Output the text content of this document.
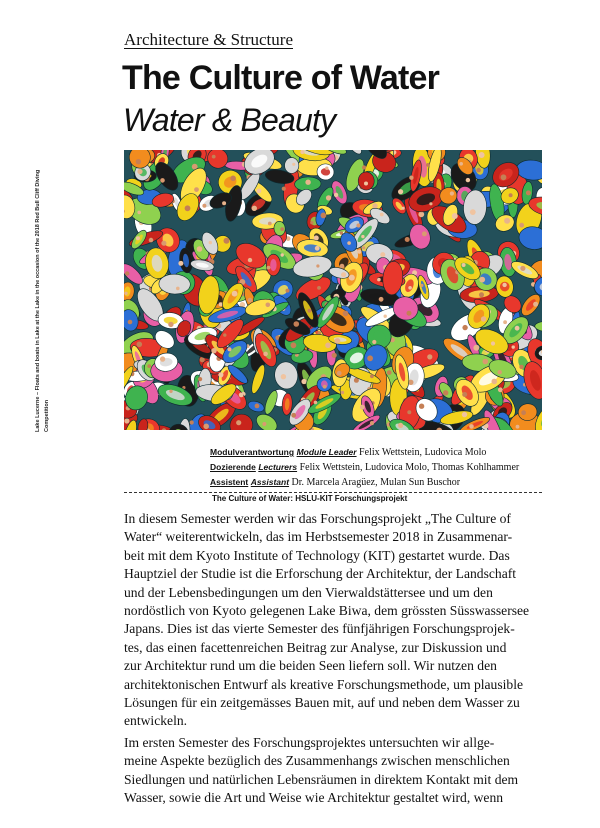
Architecture & Structure
The Culture of Water
Water & Beauty
Lake Lucerne – Floats and boats in Lake at the Lake in the occasion of the 2018 Red Bull Cliff Diving Competition
Modulverantwortung Module Leader Felix Wettstein, Ludovica Molo
Dozierende Lecturers Felix Wettstein, Ludovica Molo, Thomas Kohlhammer
Assistent Assistant Dr. Marcela Aragüez, Mulan Sun Buschor
The Culture of Water: HSLU-KIT Forschungsprojekt
In diesem Semester werden wir das Forschungsprojekt „The Culture of
Water“ weiterentwickeln, das im Herbstsemester 2018 in Zusammenar-
beit mit dem Kyoto Institute of Technology (KIT) gestartet wurde. Das
Hauptziel der Studie ist die Erforschung der Architektur, der Landschaft
und der Lebensbedingungen um den Vierwaldstättersee und um den
nordöstlich von Kyoto gelegenen Lake Biwa, dem grössten Süsswassersee
Japans. Dies ist das vierte Semester des fünfjährigen Forschungsprojek-
tes, das einen facettenreichen Beitrag zur Analyse, zur Diskussion und
zur Architektur rund um die beiden Seen liefern soll. Wir nutzen den
architektonischen Entwurf als kreative Forschungsmethode, um plausible
Lösungen für ein zeitgemässes Bauen mit, auf und neben dem Wasser zu
entwickeln.
Im ersten Semester des Forschungsprojektes untersuchten wir allge-
meine Aspekte bezüglich des Zusammenhangs zwischen menschlichen
Siedlungen und natürlichen Lebensräumen in direktem Kontakt mit dem
Wasser, sowie die Art und Weise wie Architektur gestaltet wird, wenn
